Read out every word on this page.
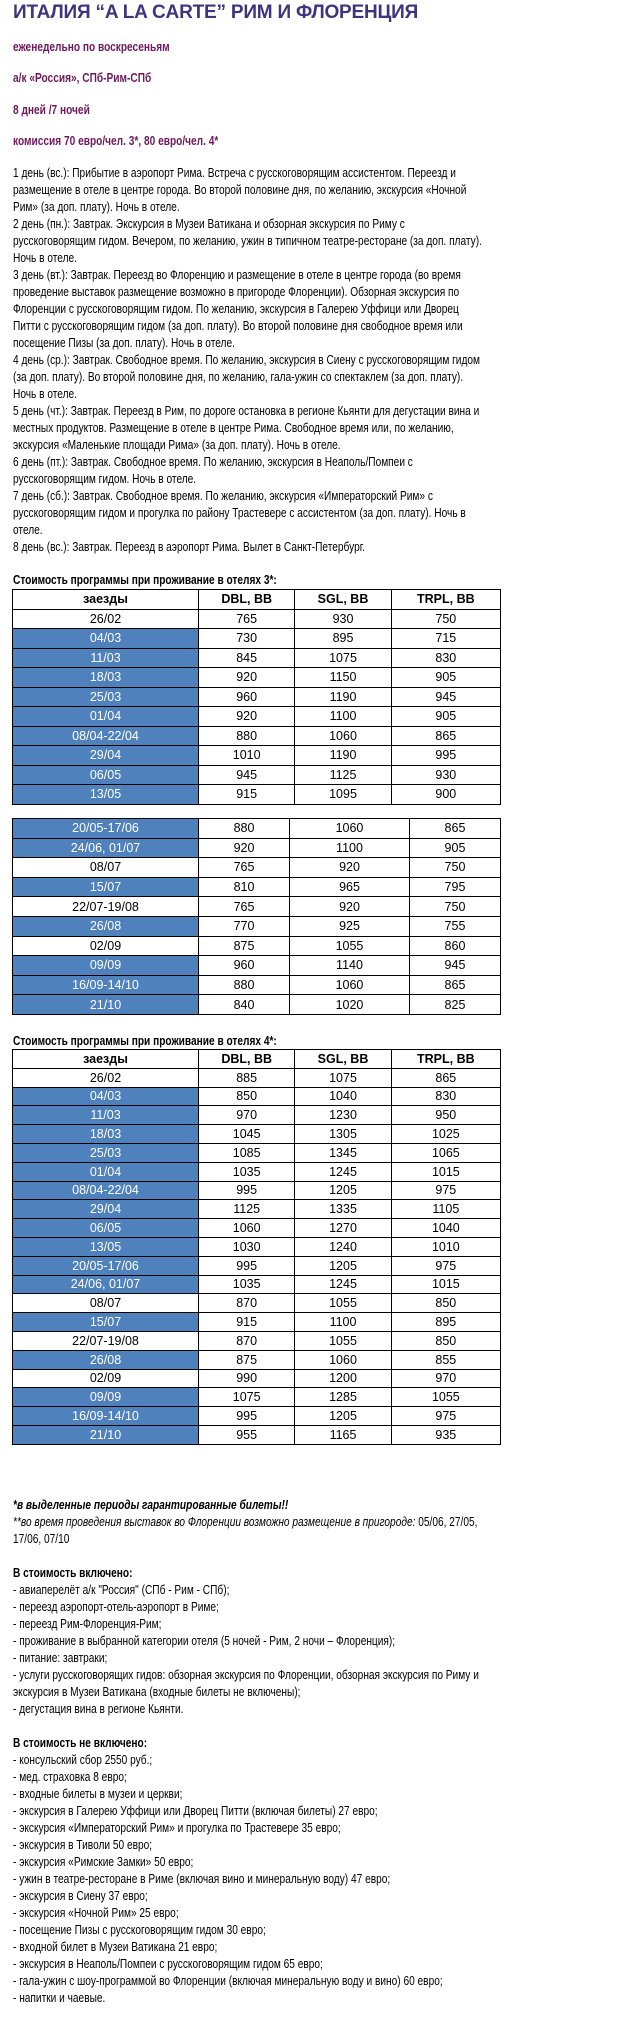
ИТАЛИЯ “A LA CARTE” РИМ И ФЛОРЕНЦИЯ
еженедельно по воскресеньям
а/к «Россия», СПб-Рим-СПб
8 дней /7 ночей
комиссия 70 евро/чел. 3*, 80 евро/чел. 4*

1 день (вс.): Прибытие в аэропорт Рима. Встреча с русскоговорящим ассистентом. Переезд и размещение в отеле в центре города. Во второй половине дня, по желанию, экскурсия «Ночной Рим» (за доп. плату). Ночь в отеле.

2 день (пн.): Завтрак. Экскурсия в Музеи Ватикана и обзорная экскурсия по Риму с русскоговорящим гидом. Вечером, по желанию, ужин в типичном театре-ресторане (за доп. плату). Ночь в отеле.

3 день (вт.): Завтрак. Переезд во Флоренцию и размещение в отеле в центре города (во время проведение выставок размещение возможно в пригороде Флоренции). Обзорная экскурсия по Флоренции с русскоговорящим гидом. По желанию, экскурсия в Галерею Уффици или Дворец Питти с русскоговорящим гидом (за доп. плату). Во второй половине дня свободное время или посещение Пизы (за доп. плату). Ночь в отеле.

4 день (ср.): Завтрак. Свободное время. По желанию, экскурсия в Сиену с русскоговорящим гидом (за доп. плату). Во второй половине дня, по желанию, гала-ужин со спектаклем (за доп. плату). Ночь в отеле.

5 день (чт.): Завтрак. Переезд в Рим, по дороге остановка в регионе Кьянти для дегустации вина и местных продуктов. Размещение в отеле в центре Рима. Свободное время или, по желанию, экскурсия «Маленькие площади Рима» (за доп. плату). Ночь в отеле.

6 день (пт.): Завтрак. Свободное время. По желанию, экскурсия в Неаполь/Помпеи с русскоговорящим гидом. Ночь в отеле.

7 день (сб.): Завтрак. Свободное время. По желанию, экскурсия «Императорский Рим» с русскоговорящим гидом и прогулка по району Трастевере с ассистентом (за доп. плату). Ночь в отеле.

8 день (вс.): Завтрак. Переезд в аэропорт Рима. Вылет в Санкт-Петербург.

Стоимость программы при проживание в отелях 3*:
заезды	DBL, BB	SGL, BB	TRPL, BB
26/02	765	930	750
04/03	730	895	715
11/03	845	1075	830
18/03	920	1150	905
25/03	960	1190	945
01/04	920	1100	905
08/04-22/04	880	1060	865
29/04	1010	1190	995
06/05	945	1125	930
13/05	915	1095	900
20/05-17/06	880	1060	865
24/06, 01/07	920	1100	905
08/07	765	920	750
15/07	810	965	795
22/07-19/08	765	920	750
26/08	770	925	755
02/09	875	1055	860
09/09	960	1140	945
16/09-14/10	880	1060	865
21/10	840	1020	825
Стоимость программы при проживание в отелях 4*:
заезды	DBL, BB	SGL, BB	TRPL, BB
26/02	885	1075	865
04/03	850	1040	830
11/03	970	1230	950
18/03	1045	1305	1025
25/03	1085	1345	1065
01/04	1035	1245	1015
08/04-22/04	995	1205	975
29/04	1125	1335	1105
06/05	1060	1270	1040
13/05	1030	1240	1010
20/05-17/06	995	1205	975
24/06, 01/07	1035	1245	1015
08/07	870	1055	850
15/07	915	1100	895
22/07-19/08	870	1055	850
26/08	875	1060	855
02/09	990	1200	970
09/09	1075	1285	1055
16/09-14/10	995	1205	975
21/10	955	1165	935
*в выделенные периоды гарантированные билеты!!
**во время проведения выставок во Флоренции возможно размещение в пригороде: 05/06, 27/05, 17/06, 07/10
В стоимость включено:
- авиаперелёт а/к "Россия" (СПб - Рим - СПб);
- переезд аэропорт-отель-аэропорт в Риме;
- переезд Рим-Флоренция-Рим;
- проживание в выбранной категории отеля (5 ночей - Рим, 2 ночи – Флоренция);
- питание: завтраки;
- услуги русскоговорящих гидов: обзорная экскурсия по Флоренции, обзорная экскурсия по Риму и экскурсия в Музеи Ватикана (входные билеты не включены);
- дегустация вина в регионе Кьянти.
В стоимость не включено:
- консульский сбор 2550 руб.;
- мед. страховка 8 евро;
- входные билеты в музеи и церкви;
- экскурсия в Галерею Уффици или Дворец Питти (включая билеты) 27 евро;
- экскурсия «Императорский Рим» и прогулка по Трастевере 35 евро;
- экскурсия в Тиволи 50 евро;
- экскурсия «Римские Замки» 50 евро;
- ужин в театре-ресторане в Риме (включая вино и минеральную воду) 47 евро;
- экскурсия в Сиену 37 евро;
- экскурсия «Ночной Рим» 25 евро;
- посещение Пизы с русскоговорящим гидом 30 евро;
- входной билет в Музеи Ватикана 21 евро;
- экскурсия в Неаполь/Помпеи с русскоговорящим гидом 65 евро;
- гала-ужин с шоу-программой во Флоренции (включая минеральную воду и вино) 60 евро;
- напитки и чаевые.
